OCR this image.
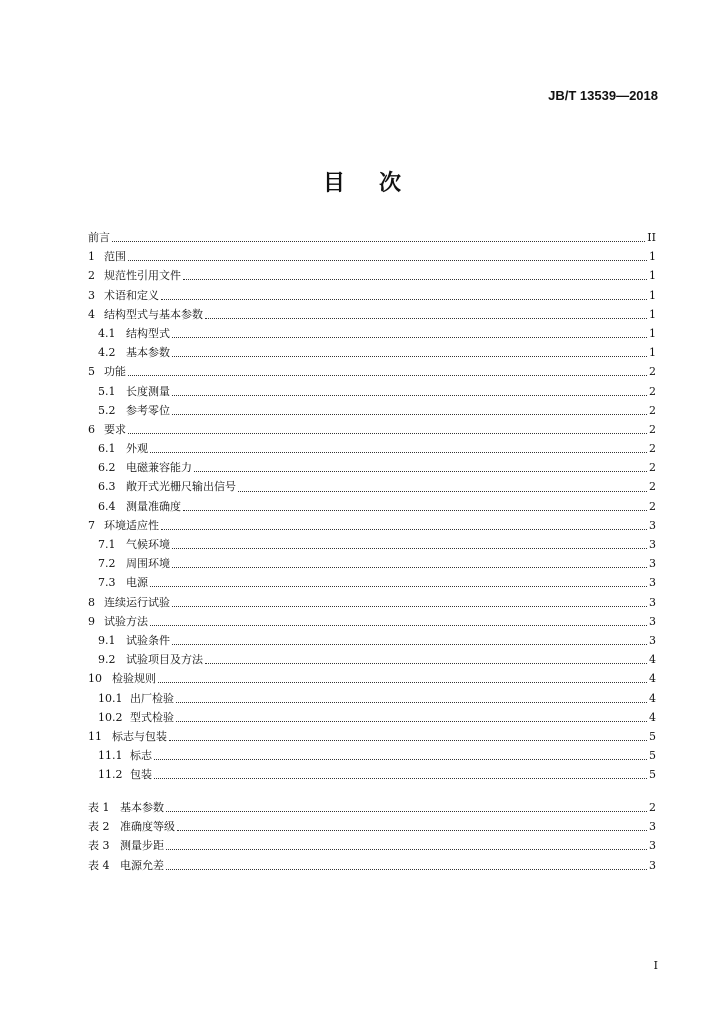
JB/T 13539—2018
目次
前言	II
1 范围	1
2 规范性引用文件	1
3 术语和定义	1
4 结构型式与基本参数	1
4.1 结构型式	1
4.2 基本参数	1
5 功能	2
5.1 长度测量	2
5.2 参考零位	2
6 要求	2
6.1 外观	2
6.2 电磁兼容能力	2
6.3 敞开式光栅尺输出信号	2
6.4 测量准确度	2
7 环境适应性	3
7.1 气候环境	3
7.2 周围环境	3
7.3 电源	3
8 连续运行试验	3
9 试验方法	3
9.1 试验条件	3
9.2 试验项目及方法	4
10 检验规则	4
10.1 出厂检验	4
10.2 型式检验	4
11 标志与包装	5
11.1 标志	5
11.2 包装	5
表 1 基本参数	2
表 2 准确度等级	3
表 3 测量步距	3
表 4 电源允差	3
I
